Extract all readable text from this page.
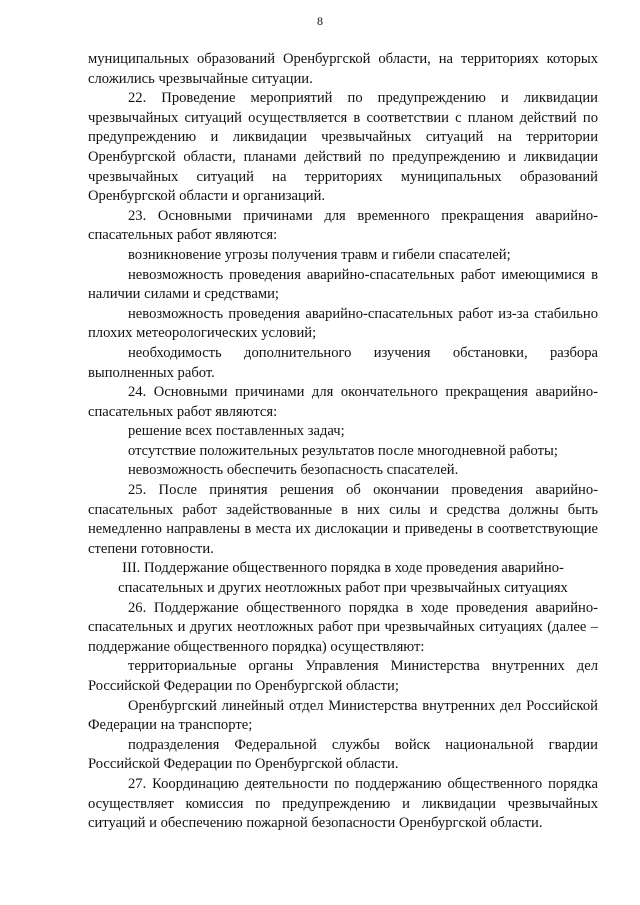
8

муниципальных образований Оренбургской области, на территориях которых сложились чрезвычайные ситуации.

22. Проведение мероприятий по предупреждению и ликвидации чрезвычайных ситуаций осуществляется в соответствии с планом действий по предупреждению и ликвидации чрезвычайных ситуаций на территории Оренбургской области, планами действий по предупреждению и ликвидации чрезвычайных ситуаций на территориях муниципальных образований Оренбургской области и организаций.

23. Основными причинами для временного прекращения аварийно-спасательных работ являются:

возникновение угрозы получения травм и гибели спасателей;

невозможность проведения аварийно-спасательных работ имеющимися в наличии силами и средствами;

невозможность проведения аварийно-спасательных работ из-за стабильно плохих метеорологических условий;

необходимость дополнительного изучения обстановки, разбора выполненных работ.

24. Основными причинами для окончательного прекращения аварийно-спасательных работ являются:

решение всех поставленных задач;

отсутствие положительных результатов после многодневной работы;

невозможность обеспечить безопасность спасателей.

25. После принятия решения об окончании проведения аварийно-спасательных работ задействованные в них силы и средства должны быть немедленно направлены в места их дислокации и приведены в соответствующие степени готовности.

III. Поддержание общественного порядка в ходе проведения аварийно-спасательных и других неотложных работ при чрезвычайных ситуациях

26. Поддержание общественного порядка в ходе проведения аварийно-спасательных и других неотложных работ при чрезвычайных ситуациях (далее – поддержание общественного порядка) осуществляют:

территориальные органы Управления Министерства внутренних дел Российской Федерации по Оренбургской области;

Оренбургский линейный отдел Министерства внутренних дел Российской Федерации на транспорте;

подразделения Федеральной службы войск национальной гвардии Российской Федерации по Оренбургской области.

27. Координацию деятельности по поддержанию общественного порядка осуществляет комиссия по предупреждению и ликвидации чрезвычайных ситуаций и обеспечению пожарной безопасности Оренбургской области.
